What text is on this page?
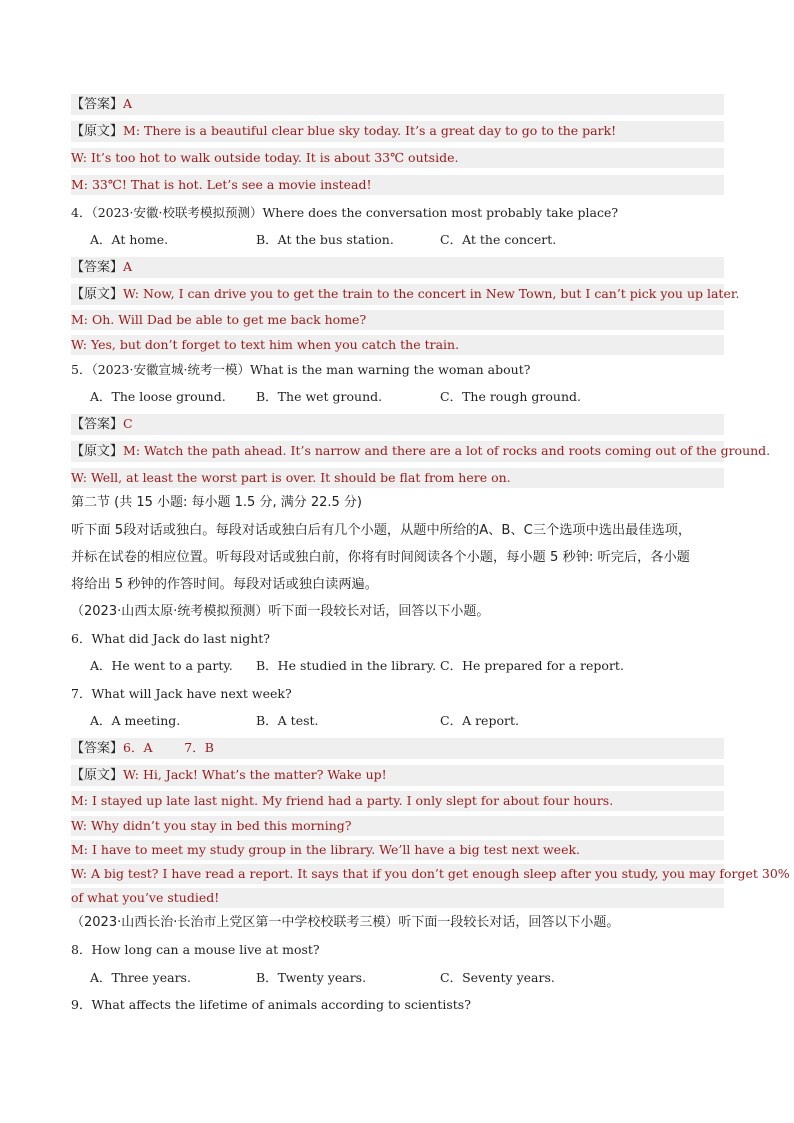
【答案】A
【原文】M: There is a beautiful clear blue sky today. It’s a great day to go to the park!
W: It’s too hot to walk outside today. It is about 33℃ outside.
M: 33℃! That is hot. Let’s see a movie instead!
4．（2023·安徽·校联考模拟预测）Where does the conversation most probably take place?
A．At home.	B．At the bus station.	C．At the concert.
【答案】A
【原文】W: Now, I can drive you to get the train to the concert in New Town, but I can’t pick you up later.
M: Oh. Will Dad be able to get me back home?
W: Yes, but don’t forget to text him when you catch the train.
5．（2023·安徽宣城·统考一模）What is the man warning the woman about?
A．The loose ground. B．The wet ground.	C．The rough ground.
【答案】C
【原文】M: Watch the path ahead. It’s narrow and there are a lot of rocks and roots coming out of the ground.
W: Well, at least the worst part is over. It should be flat from here on.
第二节 (共 15 小题: 每小题 1.5 分, 满分 22.5 分)
听下面 5段对话或独白。每段对话或独白后有几个小题，从题中所给的A、B、C三个选项中选出最佳选项，
并标在试卷的相应位置。听每段对话或独白前，你将有时间阅读各个小题，每小题 5 秒钟: 听完后，各小题
将给出 5 秒钟的作答时间。每段对话或独白读两遍。
（2023·山西太原·统考模拟预测）听下面一段较长对话，回答以下小题。
6．What did Jack do last night?
A．He went to a party. B．He studied in the library. C．He prepared for a report.
7．What will Jack have next week?
A．A meeting.	B．A test.	C．A report.
【答案】6．A        7．B
【原文】W: Hi, Jack! What’s the matter? Wake up!
M: I stayed up late last night. My friend had a party. I only slept for about four hours.
W: Why didn’t you stay in bed this morning?
M: I have to meet my study group in the library. We’ll have a big test next week.
W: A big test? I have read a report. It says that if you don’t get enough sleep after you study, you may forget 30%
of what you’ve studied!
（2023·山西长治·长治市上党区第一中学校校联考三模）听下面一段较长对话，回答以下小题。
8．How long can a mouse live at most?
A．Three years.	B．Twenty years.	C．Seventy years.
9．What affects the lifetime of animals according to scientists?
